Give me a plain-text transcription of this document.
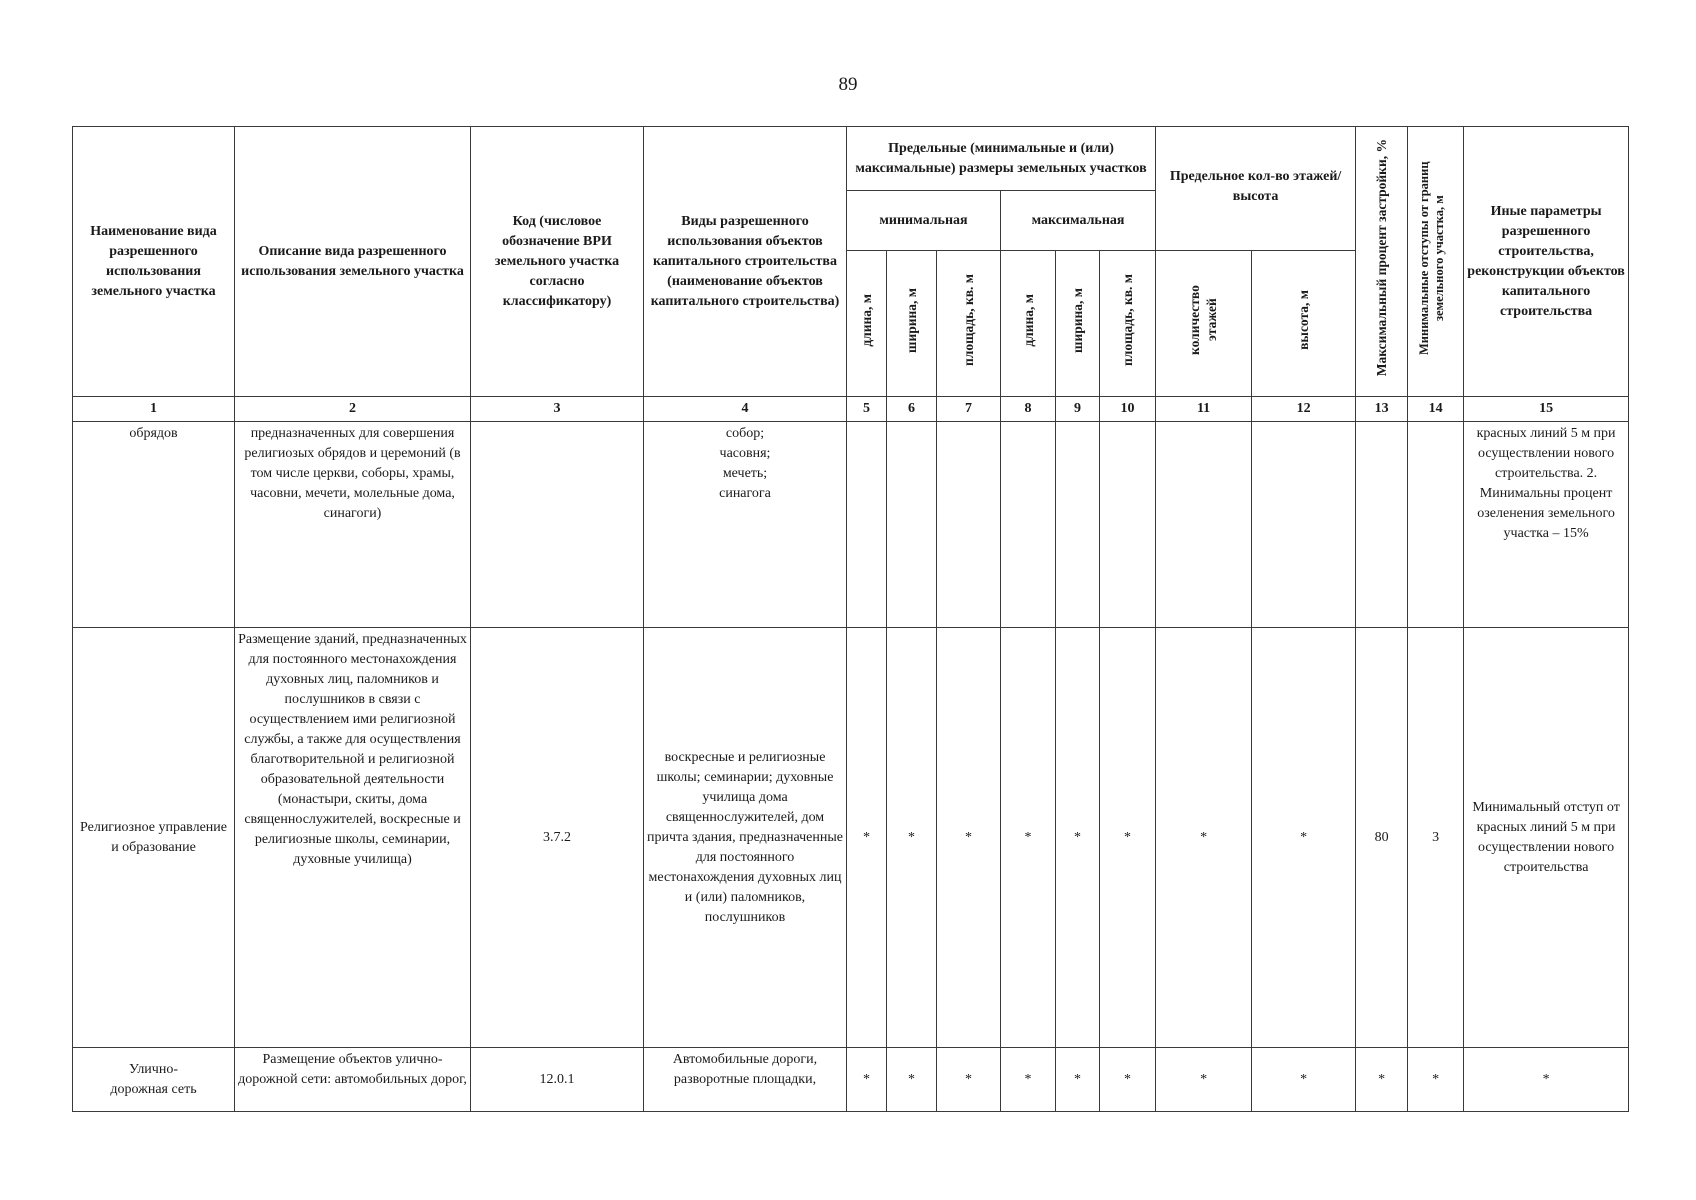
89
Наименование вида разрешенного использования земельного участка	Описание вида разрешенного использования земельного участка	Код (числовое обозначение ВРИ земельного участка согласно классификатору)	Виды разрешенного использования объектов капитального строительства (наименование объектов капитального строительства)	Предельные (минимальные и (или) максимальные) размеры земельных участков						Предельное кол-во этажей/высота		Максимальный процент застройки, %	Минимальные отступы от границ земельного участка, м	Иные параметры разрешенного строительства, реконструкции объектов капитального строительства
				минимальная			максимальная							
				длина, м	ширина, м	площадь, кв. м	длина, м	ширина, м	площадь, кв. м	количество этажей	высота, м			
1	2	3	4	5	6	7	8	9	10	11	12	13	14	15
обрядов	предназначенных для совершения религиозых обрядов и церемоний (в том числе церкви, соборы, храмы, часовни, мечети, молельные дома, синагоги)		собор;
часовня;
мечеть;
синагога											красных линий 5 м при осуществлении нового строительства. 2. Минимальны процент озеленения земельного участка – 15%
Религиозное управление
и образование	Размещение зданий, предназначенных для постоянного местонахождения духовных лиц, паломников и послушников в связи с осуществлением ими религиозной службы, а также для осуществления благотворительной и религиозной образовательной деятельности (монастыри, скиты, дома священнослужителей, воскресные и религиозные школы, семинарии, духовные училища)	3.7.2	воскресные и религиозные школы; семинарии; духовные училища дома священнослужителей, дом причта здания, предназначенные для постоянного местонахождения духовных лиц и (или) паломников, послушников	*	*	*	*	*	*	*	*	80	3	Минимальный отступ от красных линий 5 м при осуществлении нового строительства
Улично-
дорожная сеть	Размещение объектов улично-дорожной сети: автомобильных дорог,	12.0.1	Автомобильные дороги, разворотные площадки,	*	*	*	*	*	*	*	*	*	*	*
